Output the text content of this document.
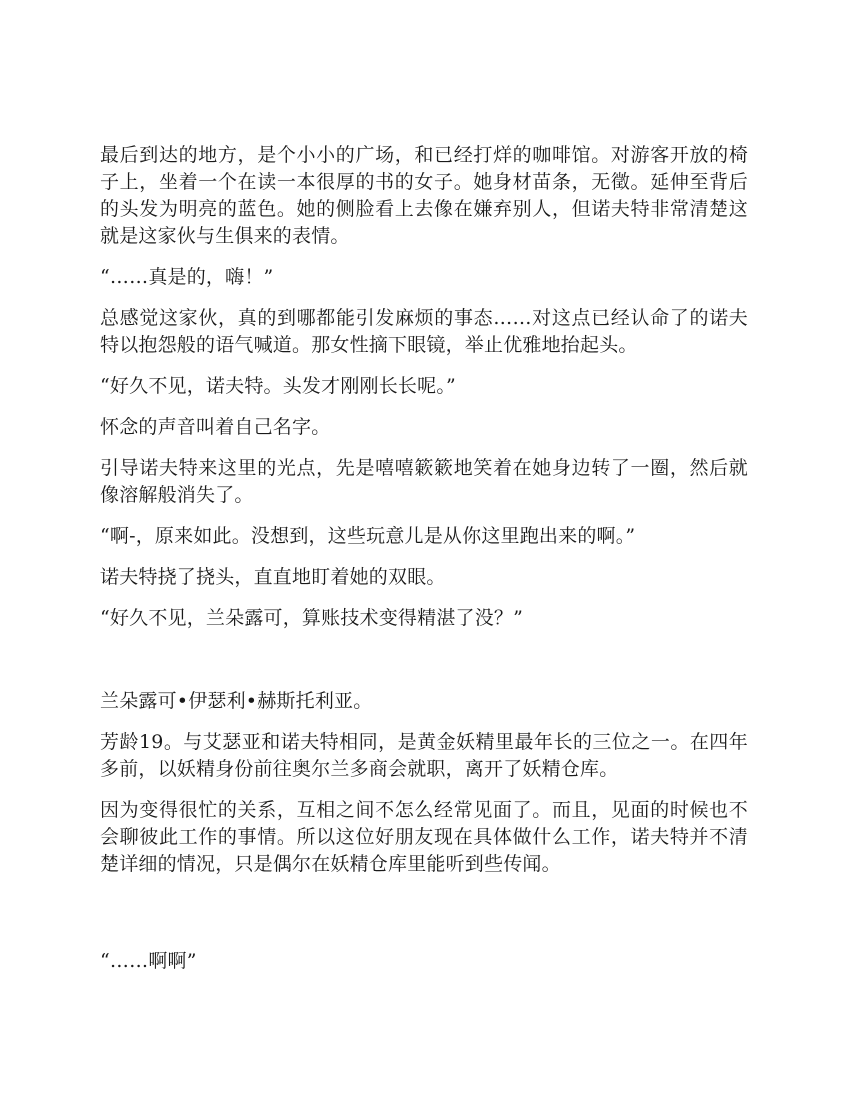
最后到达的地方，是个小小的广场，和已经打烊的咖啡馆。对游客开放的椅子上，坐着一个在读一本很厚的书的女子。她身材苗条，无徵。延伸至背后的头发为明亮的蓝色。她的侧脸看上去像在嫌弃别人，但诺夫特非常清楚这就是这家伙与生俱来的表情。

“……真是的，嗨！”

总感觉这家伙，真的到哪都能引发麻烦的事态……对这点已经认命了的诺夫特以抱怨般的语气喊道。那女性摘下眼镜，举止优雅地抬起头。

“好久不见，诺夫特。头发才刚刚长长呢。”

怀念的声音叫着自己名字。

引导诺夫特来这里的光点，先是嘻嘻簌簌地笑着在她身边转了一圈，然后就像溶解般消失了。

“啊-，原来如此。没想到，这些玩意儿是从你这里跑出来的啊。”

诺夫特挠了挠头，直直地盯着她的双眼。

“好久不见，兰朵露可，算账技术变得精湛了没？”

兰朵露可•伊瑟利•赫斯托利亚。

芳龄19。与艾瑟亚和诺夫特相同，是黄金妖精里最年长的三位之一。在四年多前，以妖精身份前往奥尔兰多商会就职，离开了妖精仓库。

因为变得很忙的关系，互相之间不怎么经常见面了。而且，见面的时候也不会聊彼此工作的事情。所以这位好朋友现在具体做什么工作，诺夫特并不清楚详细的情况，只是偶尔在妖精仓库里能听到些传闻。

“……啊啊”
